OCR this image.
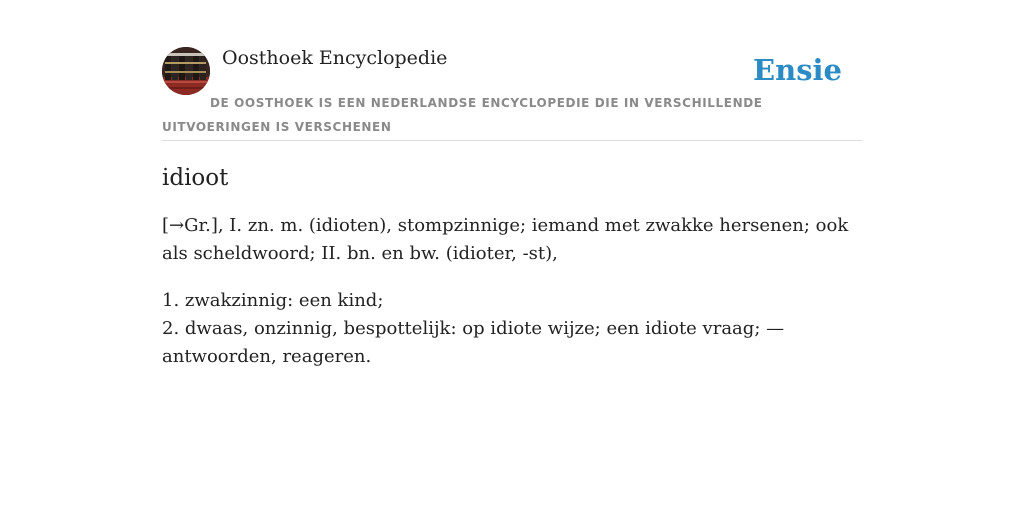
Oosthoek Encyclopedie	Ensie
DE OOSTHOEK IS EEN NEDERLANDSE ENCYCLOPEDIE DIE IN VERSCHILLENDE UITVOERINGEN IS VERSCHENEN
idioot

[→Gr.], I. zn. m. (idioten), stompzinnige; iemand met zwakke hersenen; ook als scheldwoord; II. bn. en bw. (idioter, -st),

1. zwakzinnig: een kind;
2. dwaas, onzinnig, bespottelijk: op idiote wijze; een idiote vraag; — antwoorden, reageren.
